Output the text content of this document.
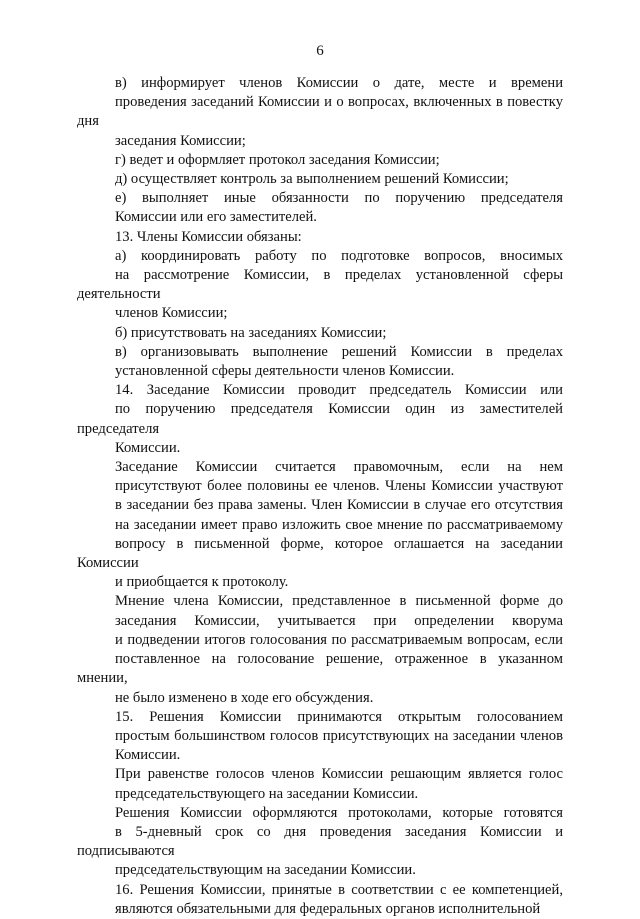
6
в) информирует членов Комиссии о дате, месте и времени
проведения заседаний Комиссии и о вопросах, включенных в повестку дня
заседания Комиссии;
г) ведет и оформляет протокол заседания Комиссии;
д) осуществляет контроль за выполнением решений Комиссии;
е) выполняет иные обязанности по поручению председателя
Комиссии или его заместителей.
13. Члены Комиссии обязаны:
а) координировать работу по подготовке вопросов, вносимых
на рассмотрение Комиссии, в пределах установленной сферы деятельности
членов Комиссии;
б) присутствовать на заседаниях Комиссии;
в) организовывать выполнение решений Комиссии в пределах
установленной сферы деятельности членов Комиссии.
14. Заседание Комиссии проводит председатель Комиссии или
по поручению председателя Комиссии один из заместителей председателя
Комиссии.
Заседание Комиссии считается правомочным, если на нем
присутствуют более половины ее членов. Члены Комиссии участвуют
в заседании без права замены. Член Комиссии в случае его отсутствия
на заседании имеет право изложить свое мнение по рассматриваемому
вопросу в письменной форме, которое оглашается на заседании Комиссии
и приобщается к протоколу.
Мнение члена Комиссии, представленное в письменной форме до
заседания Комиссии, учитывается при определении кворума
и подведении итогов голосования по рассматриваемым вопросам, если
поставленное на голосование решение, отраженное в указанном мнении,
не было изменено в ходе его обсуждения.
15. Решения Комиссии принимаются открытым голосованием
простым большинством голосов присутствующих на заседании членов
Комиссии.
При равенстве голосов членов Комиссии решающим является голос
председательствующего на заседании Комиссии.
Решения Комиссии оформляются протоколами, которые готовятся
в 5-дневный срок со дня проведения заседания Комиссии и подписываются
председательствующим на заседании Комиссии.
16. Решения Комиссии, принятые в соответствии с ее компетенцией,
являются обязательными для федеральных органов исполнительной
